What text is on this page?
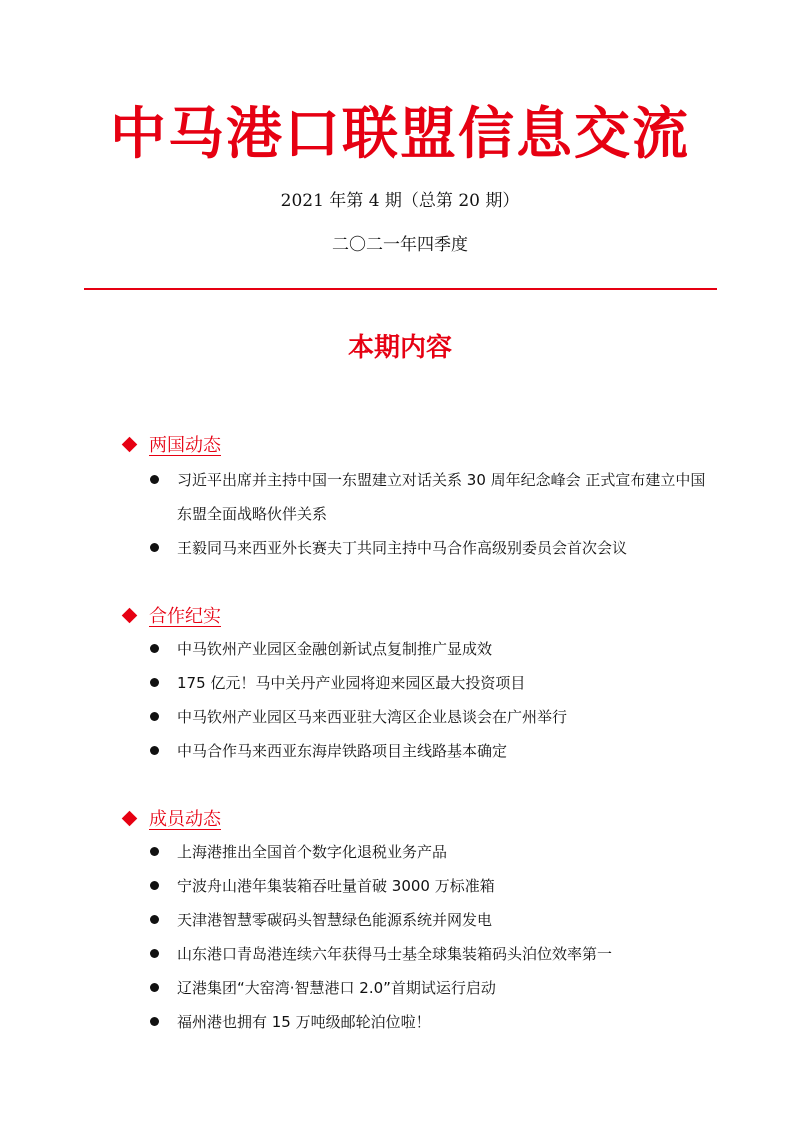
中马港口联盟信息交流
2021 年第 4 期（总第 20 期）
二〇二一年四季度
本期内容
两国动态
习近平出席并主持中国一东盟建立对话关系 30 周年纪念峰会 正式宣布建立中国东盟全面战略伙伴关系
王毅同马来西亚外长赛夫丁共同主持中马合作高级别委员会首次会议
合作纪实
中马钦州产业园区金融创新试点复制推广显成效
175 亿元！马中关丹产业园将迎来园区最大投资项目
中马钦州产业园区马来西亚驻大湾区企业恳谈会在广州举行
中马合作马来西亚东海岸铁路项目主线路基本确定
成员动态
上海港推出全国首个数字化退税业务产品
宁波舟山港年集装箱吞吐量首破 3000 万标准箱
天津港智慧零碳码头智慧绿色能源系统并网发电
山东港口青岛港连续六年获得马士基全球集装箱码头泊位效率第一
辽港集团“大窑湾·智慧港口 2.0”首期试运行启动
福州港也拥有 15 万吨级邮轮泊位啦！
